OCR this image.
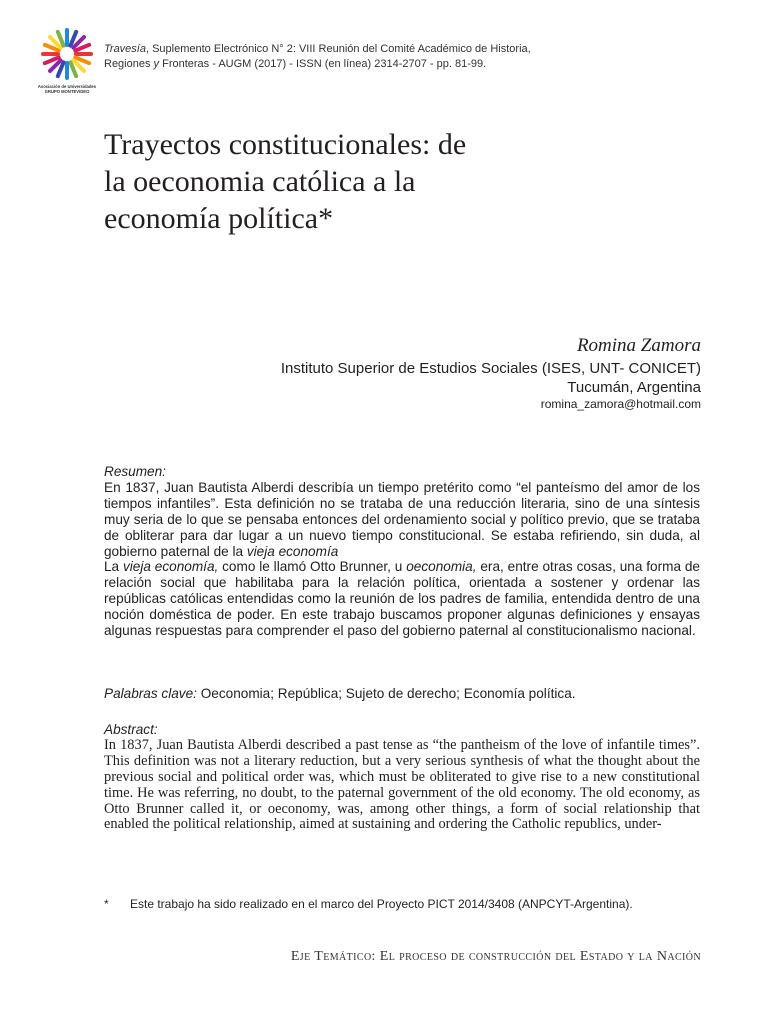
Asociación de Universidades
GRUPO MONTEVIDEO
Travesía, Suplemento Electrónico N° 2: VIII Reunión del Comité Académico de Historia,
Regiones y Fronteras - AUGM (2017) - ISSN (en línea) 2314-2707 - pp. 81-99.
Trayectos constitucionales: de
la oeconomia católica a la
economía política*
Romina Zamora
Instituto Superior de Estudios Sociales (ISES, UNT- CONICET)
Tucumán, Argentina
romina_zamora@hotmail.com
Resumen:

En 1837, Juan Bautista Alberdi describía un tiempo pretérito como “el panteísmo del amor de los tiempos infantiles”. Esta definición no se trataba de una reducción literaria, sino de una síntesis muy seria de lo que se pensaba entonces del ordenamiento social y político previo, que se trataba de obliterar para dar lugar a un nuevo tiempo constitucional. Se estaba refiriendo, sin duda, al gobierno paternal de la vieja economía

La vieja economía, como le llamó Otto Brunner, u oeconomia, era, entre otras cosas, una forma de relación social que habilitaba para la relación política, orientada a sostener y ordenar las repúblicas católicas entendidas como la reunión de los padres de familia, entendida dentro de una noción doméstica de poder. En este trabajo buscamos proponer algunas definiciones y ensayas algunas respuestas para comprender el paso del gobierno paternal al constitucionalismo nacional.

Palabras clave: Oeconomia; República; Sujeto de derecho; Economía política.
Abstract:

In 1837, Juan Bautista Alberdi described a past tense as “the pantheism of the love of infantile times”. This definition was not a literary reduction, but a very serious synthesis of what the thought about the previous social and political order was, which must be obliterated to give rise to a new constitutional time. He was referring, no doubt, to the paternal government of the old economy. The old economy, as Otto Brunner called it, or oeconomy, was, among other things, a form of social relationship that enabled the political relationship, aimed at sustaining and ordering the Catholic republics, under-

* Este trabajo ha sido realizado en el marco del Proyecto PICT 2014/3408 (ANPCYT-Argentina).
Eje Temático: El proceso de construcción del Estado y la Nación
